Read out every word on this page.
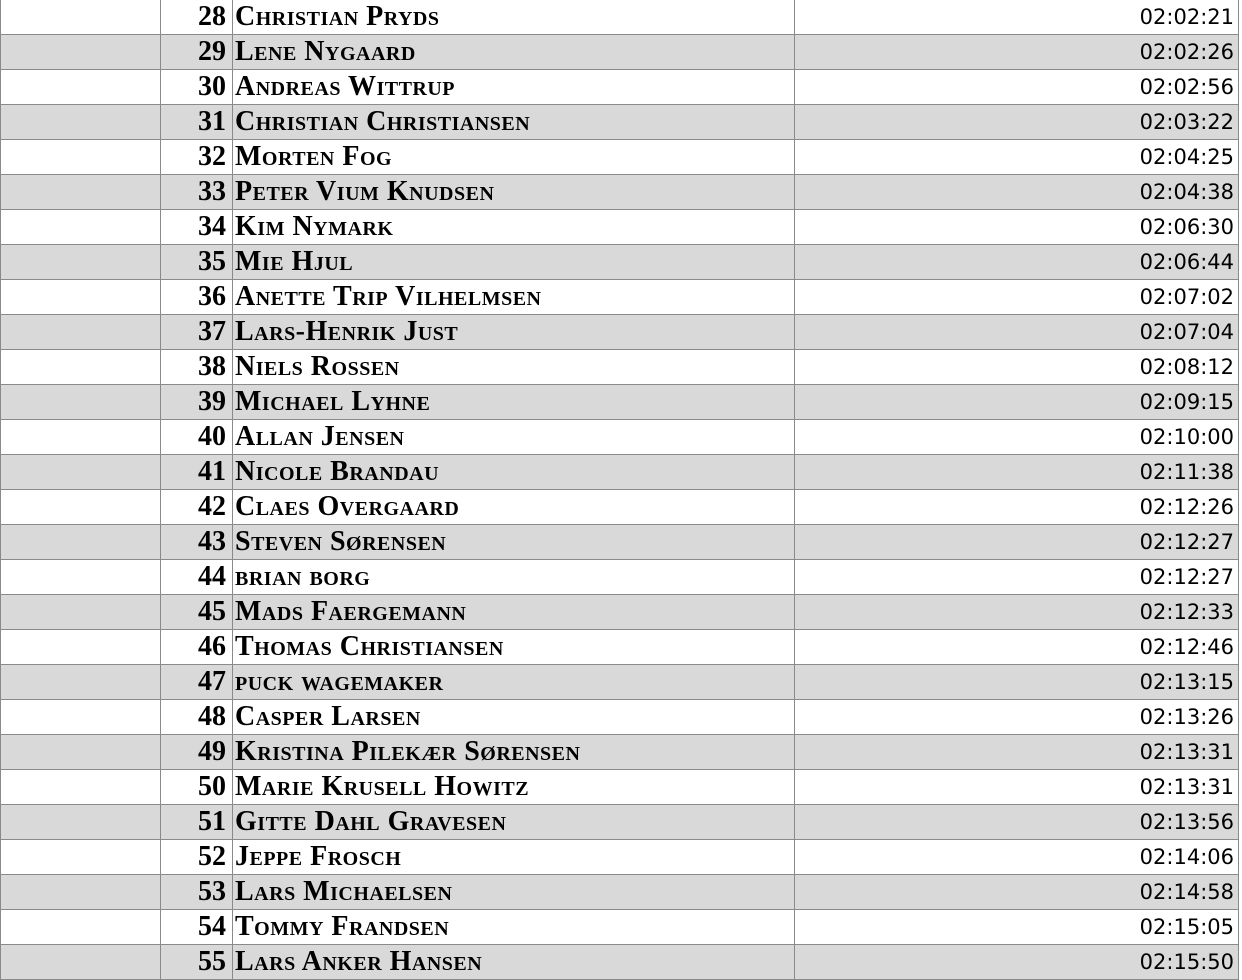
	28	Christian Pryds	02:02:21
	29	Lene Nygaard	02:02:26
	30	Andreas Wittrup	02:02:56
	31	Christian Christiansen	02:03:22
	32	Morten Fog	02:04:25
	33	Peter Vium Knudsen	02:04:38
	34	Kim Nymark	02:06:30
	35	Mie Hjul	02:06:44
	36	Anette Trip Vilhelmsen	02:07:02
	37	Lars-Henrik Just	02:07:04
	38	Niels Rossen	02:08:12
	39	Michael Lyhne	02:09:15
	40	Allan Jensen	02:10:00
	41	Nicole Brandau	02:11:38
	42	Claes Overgaard	02:12:26
	43	Steven Sørensen	02:12:27
	44	brian borg	02:12:27
	45	Mads Faergemann	02:12:33
	46	Thomas Christiansen	02:12:46
	47	puck wagemaker	02:13:15
	48	Casper Larsen	02:13:26
	49	Kristina Pilekær Sørensen	02:13:31
	50	Marie Krusell Howitz	02:13:31
	51	Gitte Dahl Gravesen	02:13:56
	52	Jeppe Frosch	02:14:06
	53	Lars Michaelsen	02:14:58
	54	Tommy Frandsen	02:15:05
	55	Lars Anker Hansen	02:15:50
